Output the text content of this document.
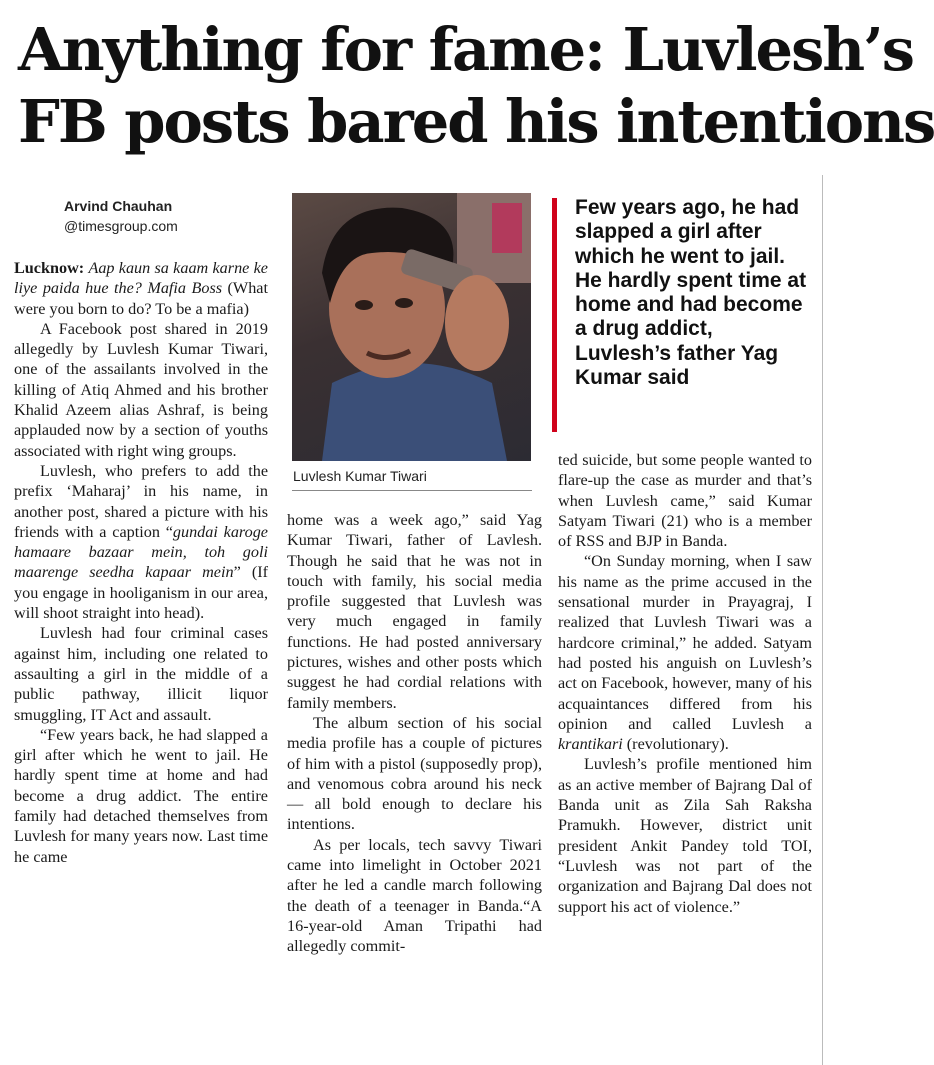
Anything for fame: Luvlesh’s
FB posts bared his intentions
Arvind Chauhan
@timesgroup.com

Lucknow: Aap kaun sa kaam karne ke liye paida hue the? Mafia Boss (What were you born to do? To be a mafia)

A Facebook post shared in 2019 allegedly by Luvlesh Kumar Tiwari, one of the assailants involved in the killing of Atiq Ahmed and his brother Khalid Azeem alias Ashraf, is being applauded now by a section of youths associated with right wing groups.

Luvlesh, who prefers to add the prefix ‘Maharaj’ in his name, in another post, shared a picture with his friends with a caption “gundai karoge hamaare bazaar mein, toh goli maarenge seedha kapaar mein” (If you engage in hooliganism in our area, will shoot straight into head).

Luvlesh had four criminal cases against him, including one related to assaulting a girl in the middle of a public pathway, illicit liquor smuggling, IT Act and assault.

“Few years back, he had slapped a girl after which he went to jail. He hardly spent time at home and had become a drug addict. The entire family had detached themselves from Luvlesh for many years now. Last time he came

Luvlesh Kumar Tiwari
Few years ago, he had slapped a girl after which he went to jail. He hardly spent time at home and had become a drug addict, Luvlesh’s father Yag Kumar said

home was a week ago,” said Yag Kumar Tiwari, father of Lavlesh. Though he said that he was not in touch with family, his social media profile suggested that Luvlesh was very much engaged in family functions. He had posted anniversary pictures, wishes and other posts which suggest he had cordial relations with family members.

The album section of his social media profile has a couple of pictures of him with a pistol (supposedly prop), and venomous cobra around his neck — all bold enough to declare his intentions.

As per locals, tech savvy Tiwari came into limelight in October 2021 after he led a candle march following the death of a teenager in Banda.“A 16-year-old Aman Tripathi had allegedly commit-

ted suicide, but some people wanted to flare-up the case as murder and that’s when Luvlesh came,” said Kumar Satyam Tiwari (21) who is a member of RSS and BJP in Banda.

“On Sunday morning, when I saw his name as the prime accused in the sensational murder in Prayagraj, I realized that Luvlesh Tiwari was a hardcore criminal,” he added. Satyam had posted his anguish on Luvlesh’s act on Facebook, however, many of his acquaintances differed from his opinion and called Luvlesh a krantikari (revolutionary).

Luvlesh’s profile mentioned him as an active member of Bajrang Dal of Banda unit as Zila Sah Raksha Pramukh. However, district unit president Ankit Pandey told TOI, “Luvlesh was not part of the organization and Bajrang Dal does not support his act of violence.”
